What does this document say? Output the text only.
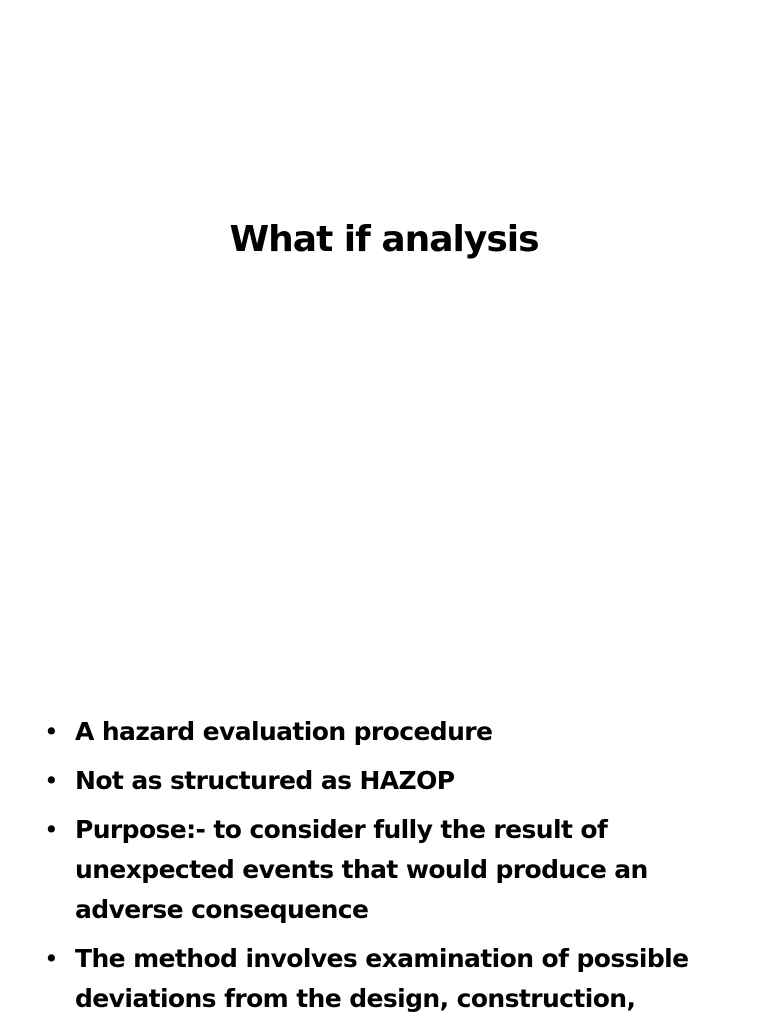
What if analysis
• A hazard evaluation procedure
• Not as structured as HAZOP
• Purpose:- to consider fully the result of unexpected events that would produce an adverse consequence
• The method involves examination of possible deviations from the design, construction,
